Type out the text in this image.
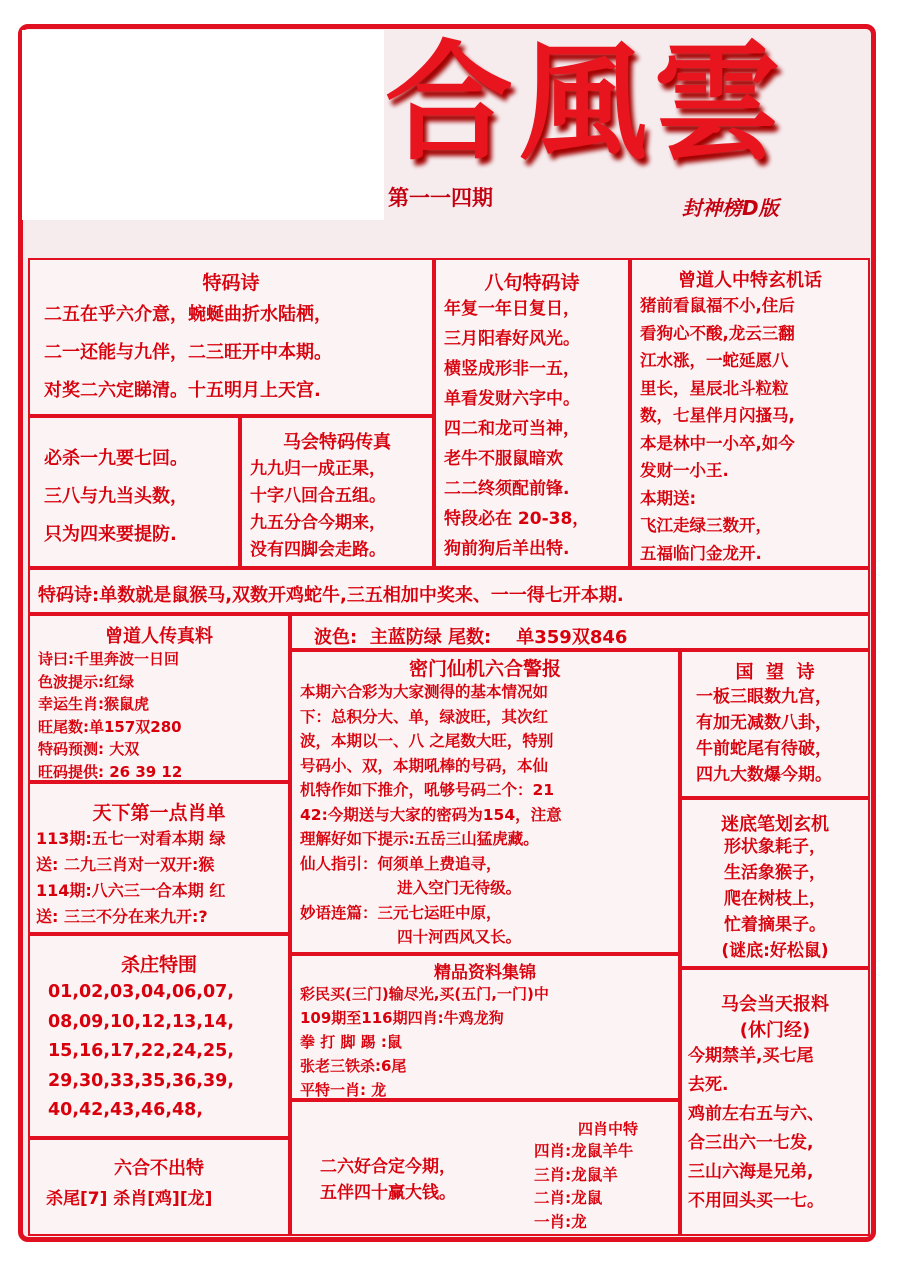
合風雲
第一一四期	封神榜D版
特码诗
二五在乎六介意，蜿蜒曲折水陆栖，
二一还能与九伴，二三旺开中本期。
对奖二六定睇清。十五明月上天宫.
八句特码诗
年复一年日复日，
三月阳春好风光。
横竖成形非一五，
单看发财六字中。
四二和龙可当神，
老牛不服鼠暗欢
二二终须配前锋.
特段必在 20-38，
狗前狗后羊出特.
曾道人中特玄机话
猪前看鼠福不小,住后
看狗心不酸,龙云三翻
江水涨，一蛇延愿八
里长，星辰北斗粒粒
数，七星伴月闪搔马,
本是林中一小卒,如今
发财一小王.
本期送:
飞江走绿三数开，
五福临门金龙开.
必杀一九要七回。
三八与九当头数，
只为四来要提防.
马会特码传真
九九归一成正果，
十字八回合五组。
九五分合今期来，
没有四脚会走路。
特码诗:单数就是鼠猴马,双数开鸡蛇牛,三五相加中奖来、一一得七开本期.
曾道人传真料
诗曰:千里奔波一日回
色波提示:红绿
幸运生肖:猴鼠虎
旺尾数:单157双280
特码预测: 大双
旺码提供: 26 39 12
天下第一点肖单
113期:五七一对看本期 绿
送: 二九三肖对一双开:猴
114期:八六三一合本期 红
送: 三三不分在来九开:?
杀庄特围
01,02,03,04,06,07,
08,09,10,12,13,14,
15,16,17,22,24,25,
29,30,33,35,36,39,
40,42,43,46,48,
六合不出特
杀尾[7] 杀肖[鸡][龙]
波色:  主蓝防绿 尾数:    单359双846
密门仙机六合警报
本期六合彩为大家测得的基本情况如
下：总积分大、单，绿波旺，其次红
波，本期以一、八 之尾数大旺，特别
号码小、双，本期吼棒的号码，本仙
机特作如下推介，吼够号码二个：21
42:今期送与大家的密码为154，注意
理解好如下提示:五岳三山猛虎藏。
仙人指引：何须单上费追寻，
进入空门无待级。
妙语连篇：三元七运旺中原，
四十河西风又长。
精品资料集锦
彩民买(三门)输尽光,买(五门,一门)中
109期至116期四肖:牛鸡龙狗
拳 打 脚 踢 :鼠
张老三铁杀:6尾
平特一肖: 龙
二六好合定今期，
五伴四十赢大钱。
四肖中特
四肖:龙鼠羊牛
三肖:龙鼠羊
二肖:龙鼠
一肖:龙
国  望  诗
一板三眼数九宫，
有加无减数八卦，
牛前蛇尾有待破，
四九大数爆今期。
迷底笔划玄机
形状象耗子，
生活象猴子，
爬在树枝上，
忙着摘果子。
(谜底:好松鼠)
马会当天报料
(休门经)
今期禁羊,买七尾
去死.
鸡前左右五与六、
合三出六一七发,
三山六海是兄弟,
不用回头买一七。
